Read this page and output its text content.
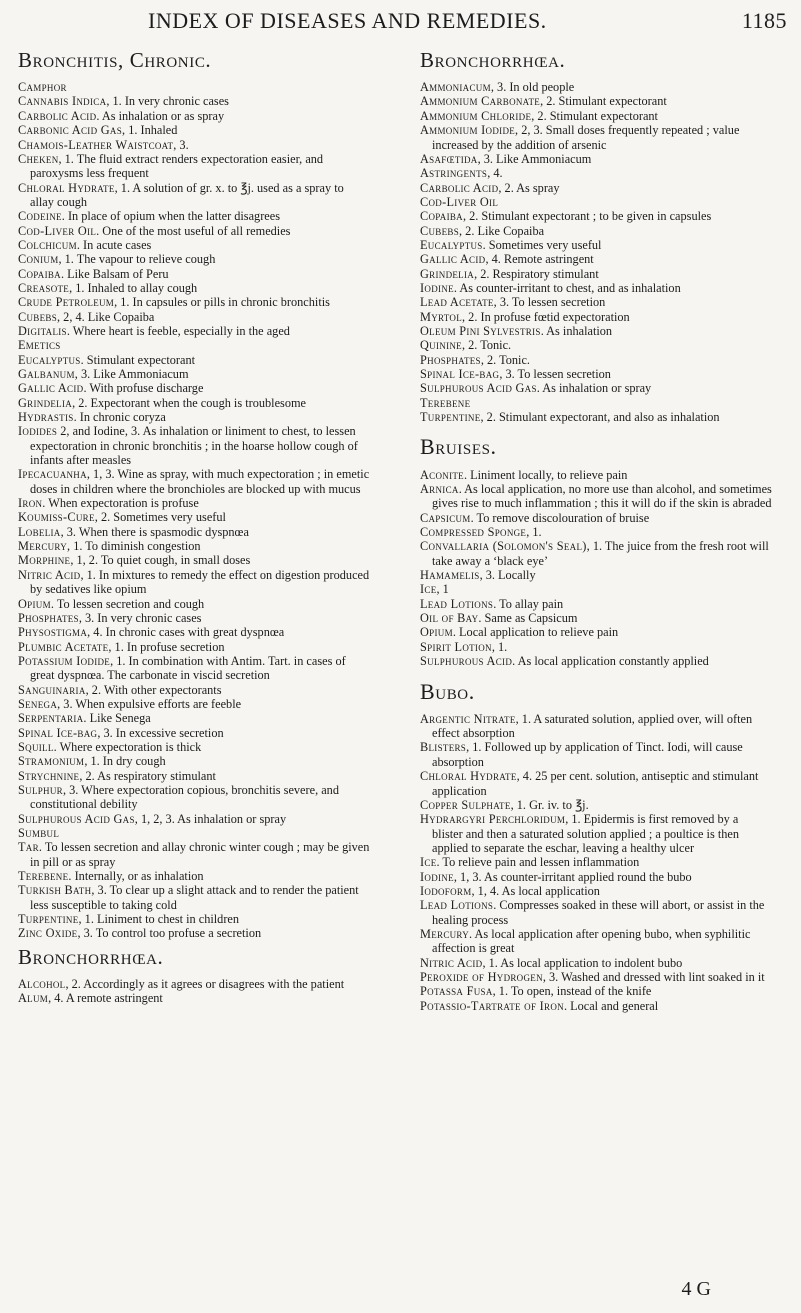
INDEX OF DISEASES AND REMEDIES.	1185
Bronchitis, Chronic.

Camphor

Cannabis Indica, 1. In very chronic cases

Carbolic Acid. As inhalation or as spray

Carbonic Acid Gas, 1. Inhaled

Chamois-Leather Waistcoat, 3.

Cheken, 1. The fluid extract renders expectoration easier, and paroxysms less frequent

Chloral Hydrate, 1. A solution of gr. x. to ℥j. used as a spray to allay cough

Codeine. In place of opium when the latter disagrees

Cod-Liver Oil. One of the most useful of all remedies

Colchicum. In acute cases

Conium, 1. The vapour to relieve cough

Copaiba. Like Balsam of Peru

Creasote, 1. Inhaled to allay cough

Crude Petroleum, 1. In capsules or pills in chronic bronchitis

Cubebs, 2, 4. Like Copaiba

Digitalis. Where heart is feeble, especially in the aged

Emetics

Eucalyptus. Stimulant expectorant

Galbanum, 3. Like Ammoniacum

Gallic Acid. With profuse discharge

Grindelia, 2. Expectorant when the cough is troublesome

Hydrastis. In chronic coryza

Iodides 2, and Iodine, 3. As inhalation or liniment to chest, to lessen expectoration in chronic bronchitis ; in the hoarse hollow cough of infants after measles

Ipecacuanha, 1, 3. Wine as spray, with much expectoration ; in emetic doses in children where the bronchioles are blocked up with mucus

Iron. When expectoration is profuse

Koumiss-Cure, 2. Sometimes very useful

Lobelia, 3. When there is spasmodic dyspnœa

Mercury, 1. To diminish congestion

Morphine, 1, 2. To quiet cough, in small doses

Nitric Acid, 1. In mixtures to remedy the effect on digestion produced by sedatives like opium

Opium. To lessen secretion and cough

Phosphates, 3. In very chronic cases

Physostigma, 4. In chronic cases with great dyspnœa

Plumbic Acetate, 1. In profuse secretion

Potassium Iodide, 1. In combination with Antim. Tart. in cases of great dyspnœa. The carbonate in viscid secretion

Sanguinaria, 2. With other expectorants

Senega, 3. When expulsive efforts are feeble

Serpentaria. Like Senega

Spinal Ice-bag, 3. In excessive secretion

Squill. Where expectoration is thick

Stramonium, 1. In dry cough

Strychnine, 2. As respiratory stimulant

Sulphur, 3. Where expectoration copious, bronchitis severe, and constitutional debility

Sulphurous Acid Gas, 1, 2, 3. As inhalation or spray

Sumbul

Tar. To lessen secretion and allay chronic winter cough ; may be given in pill or as spray

Terebene. Internally, or as inhalation

Turkish Bath, 3. To clear up a slight attack and to render the patient less susceptible to taking cold

Turpentine, 1. Liniment to chest in children

Zinc Oxide, 3. To control too profuse a secretion

Bronchorrhœa.

Alcohol, 2. Accordingly as it agrees or disagrees with the patient

Alum, 4. A remote astringent

Bronchorrhœa.

Ammoniacum, 3. In old people

Ammonium Carbonate, 2. Stimulant expectorant

Ammonium Chloride, 2. Stimulant expectorant

Ammonium Iodide, 2, 3. Small doses frequently repeated ; value increased by the addition of arsenic

Asafœtida, 3. Like Ammoniacum

Astringents, 4.

Carbolic Acid, 2. As spray

Cod-Liver Oil

Copaiba, 2. Stimulant expectorant ; to be given in capsules

Cubebs, 2. Like Copaiba

Eucalyptus. Sometimes very useful

Gallic Acid, 4. Remote astringent

Grindelia, 2. Respiratory stimulant

Iodine. As counter-irritant to chest, and as inhalation

Lead Acetate, 3. To lessen secretion

Myrtol, 2. In profuse fœtid expectoration

Oleum Pini Sylvestris. As inhalation

Quinine, 2. Tonic.

Phosphates, 2. Tonic.

Spinal Ice-bag, 3. To lessen secretion

Sulphurous Acid Gas. As inhalation or spray

Terebene

Turpentine, 2. Stimulant expectorant, and also as inhalation

Bruises.

Aconite. Liniment locally, to relieve pain

Arnica. As local application, no more use than alcohol, and sometimes gives rise to much inflammation ; this it will do if the skin is abraded

Capsicum. To remove discolouration of bruise

Compressed Sponge, 1.

Convallaria (Solomon's Seal), 1. The juice from the fresh root will take away a ‘black eye’

Hamamelis, 3. Locally

Ice, 1

Lead Lotions. To allay pain

Oil of Bay. Same as Capsicum

Opium. Local application to relieve pain

Spirit Lotion, 1.

Sulphurous Acid. As local application constantly applied

Bubo.

Argentic Nitrate, 1. A saturated solution, applied over, will often effect absorption

Blisters, 1. Followed up by application of Tinct. Iodi, will cause absorption

Chloral Hydrate, 4. 25 per cent. solution, antiseptic and stimulant application

Copper Sulphate, 1. Gr. iv. to ℥j.

Hydrargyri Perchloridum, 1. Epidermis is first removed by a blister and then a saturated solution applied ; a poultice is then applied to separate the eschar, leaving a healthy ulcer

Ice. To relieve pain and lessen inflammation

Iodine, 1, 3. As counter-irritant applied round the bubo

Iodoform, 1, 4. As local application

Lead Lotions. Compresses soaked in these will abort, or assist in the healing process

Mercury. As local application after opening bubo, when syphilitic affection is great

Nitric Acid, 1. As local application to indolent bubo

Peroxide of Hydrogen, 3. Washed and dressed with lint soaked in it

Potassa Fusa, 1. To open, instead of the knife

Potassio-Tartrate of Iron. Local and general

4 G
